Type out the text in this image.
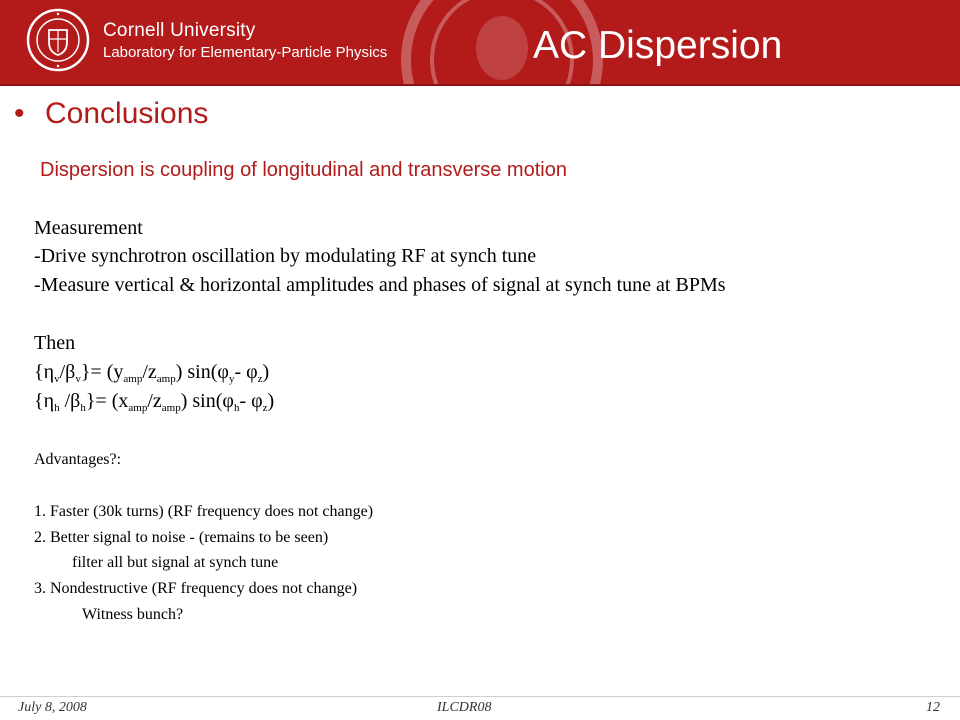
Cornell University
Laboratory for Elementary-Particle Physics	AC Dispersion
• Conclusions
Dispersion is coupling of longitudinal and transverse motion
Measurement
-Drive synchrotron oscillation by modulating RF at synch tune
-Measure vertical & horizontal amplitudes and phases of signal at synch tune at BPMs
Then
$\{\eta_v/\beta_v\}= (y_{amp}/z_{amp})$ $\sin(\varphi_y-$ $\varphi_z$)
{$\eta_h$ $/\beta_h\}= (x_{amp}/z_{amp})$ $\sin(\varphi_h-$ $\varphi_z$)
Advantages?:
1. Faster (30k turns) (RF frequency does not change)
2. Better signal to noise - (remains to be seen)
filter all but signal at synch tune
3. Nondestructive (RF frequency does not change)
Witness bunch?
July 8, 2008	ILCDR08	12
